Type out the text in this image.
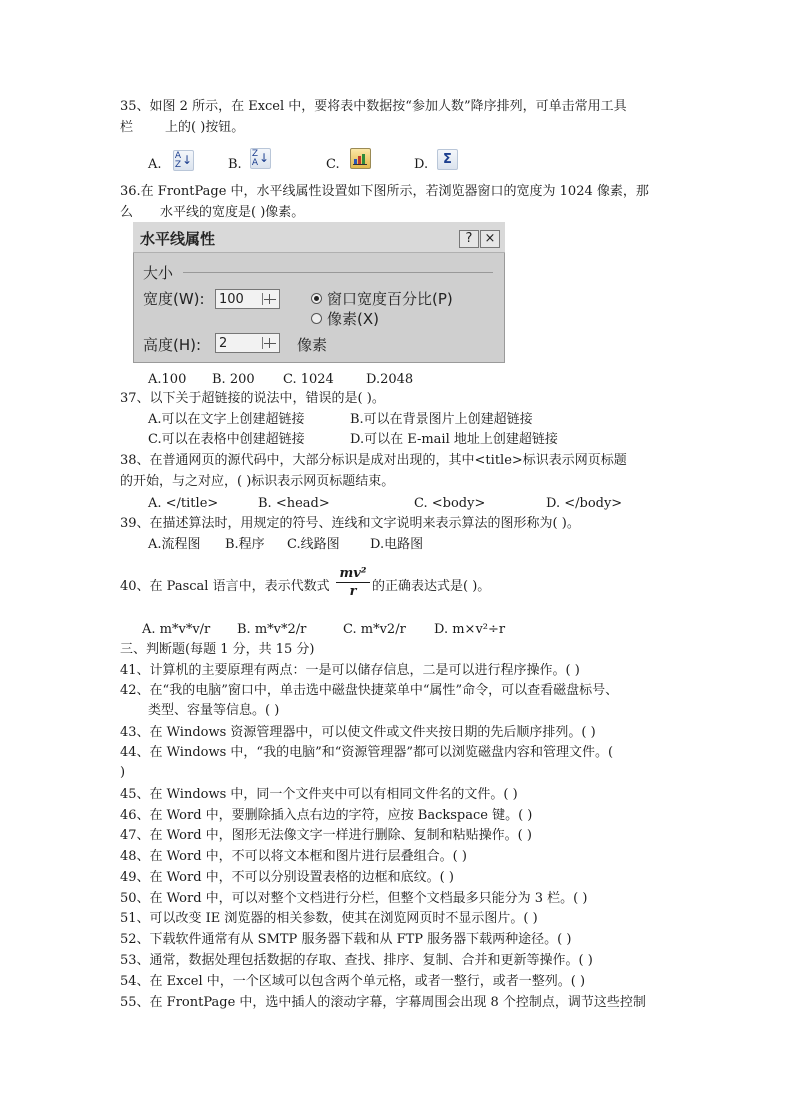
35、如图 2 所示，在 Excel 中，要将表中数据按“参加人数”降序排列，可单击常用工具
栏 上的( )按钮。
A.
A
Z ↓	B.
Z
A ↓	C.	D.	Σ
36.在 FrontPage 中，水平线属性设置如下图所示，若浏览器窗口的宽度为 1024 像素，那
么 水平线的宽度是( )像素。
水平线属性	? ×
大小
宽度(W):	100	窗口宽度百分比(P)
像素(X)
高度(H):	2	像素
A.100 B. 200 C. 1024 D.2048
37、以下关于超链接的说法中，错误的是( )。
A.可以在文字上创建超链接	B.可以在背景图片上创建超链接
C.可以在表格中创建超链接	D.可以在 E-mail 地址上创建超链接
38、在普通网页的源代码中，大部分标识是成对出现的，其中<title>标识表示网页标题
的开始，与之对应，( )标识表示网页标题结束。
A. </title>	B. <head>	C. <body>	D. </body>
39、在描述算法时，用规定的符号、连线和文字说明来表示算法的图形称为( )。
A.流程图 B.程序 C.线路图 D.电路图
40、在 Pascal 语言中，表示代数式 $\frac{\text{mv²}}{r}$ 的正确表达式是( )。
A. m*v*v/r B. m*v*2/r	C. m*v2/r D. m×v²÷r
三、判断题(每题 1 分，共 15 分)
41、计算机的主要原理有两点：一是可以储存信息，二是可以进行程序操作。( )
42、在“我的电脑”窗口中，单击选中磁盘快捷菜单中“属性”命令，可以查看磁盘标号、
类型、容量等信息。( )
43、在 Windows 资源管理器中，可以使文件或文件夹按日期的先后顺序排列。( )
44、在 Windows 中，“我的电脑”和“资源管理器”都可以浏览磁盘内容和管理文件。(
)
45、在 Windows 中，同一个文件夹中可以有相同文件名的文件。( )
46、在 Word 中，要删除插入点右边的字符，应按 Backspace 键。( )
47、在 Word 中，图形无法像文字一样进行删除、复制和粘贴操作。( )
48、在 Word 中，不可以将文本框和图片进行层叠组合。( )
49、在 Word 中，不可以分别设置表格的边框和底纹。( )
50、在 Word 中，可以对整个文档进行分栏，但整个文档最多只能分为 3 栏。( )
51、可以改变 IE 浏览器的相关参数，使其在浏览网页时不显示图片。( )
52、下载软件通常有从 SMTP 服务器下载和从 FTP 服务器下载两种途径。( )
53、通常，数据处理包括数据的存取、查找、排序、复制、合并和更新等操作。( )
54、在 Excel 中，一个区域可以包含两个单元格，或者一整行，或者一整列。( )
55、在 FrontPage 中，选中插人的滚动字幕，字幕周围会出现 8 个控制点，调节这些控制
